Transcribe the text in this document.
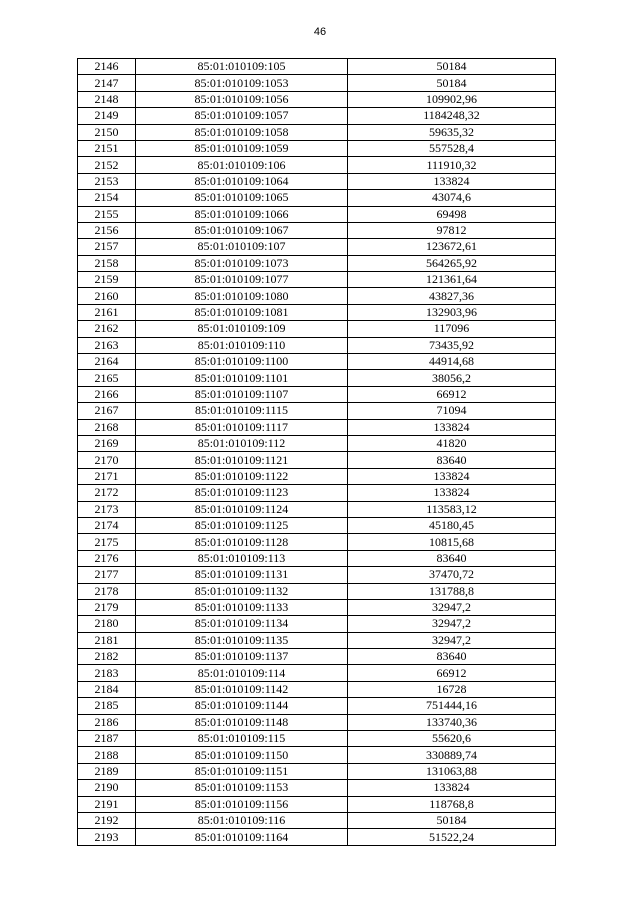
46
2146	85:01:010109:105	50184
2147	85:01:010109:1053	50184
2148	85:01:010109:1056	109902,96
2149	85:01:010109:1057	1184248,32
2150	85:01:010109:1058	59635,32
2151	85:01:010109:1059	557528,4
2152	85:01:010109:106	111910,32
2153	85:01:010109:1064	133824
2154	85:01:010109:1065	43074,6
2155	85:01:010109:1066	69498
2156	85:01:010109:1067	97812
2157	85:01:010109:107	123672,61
2158	85:01:010109:1073	564265,92
2159	85:01:010109:1077	121361,64
2160	85:01:010109:1080	43827,36
2161	85:01:010109:1081	132903,96
2162	85:01:010109:109	117096
2163	85:01:010109:110	73435,92
2164	85:01:010109:1100	44914,68
2165	85:01:010109:1101	38056,2
2166	85:01:010109:1107	66912
2167	85:01:010109:1115	71094
2168	85:01:010109:1117	133824
2169	85:01:010109:112	41820
2170	85:01:010109:1121	83640
2171	85:01:010109:1122	133824
2172	85:01:010109:1123	133824
2173	85:01:010109:1124	113583,12
2174	85:01:010109:1125	45180,45
2175	85:01:010109:1128	10815,68
2176	85:01:010109:113	83640
2177	85:01:010109:1131	37470,72
2178	85:01:010109:1132	131788,8
2179	85:01:010109:1133	32947,2
2180	85:01:010109:1134	32947,2
2181	85:01:010109:1135	32947,2
2182	85:01:010109:1137	83640
2183	85:01:010109:114	66912
2184	85:01:010109:1142	16728
2185	85:01:010109:1144	751444,16
2186	85:01:010109:1148	133740,36
2187	85:01:010109:115	55620,6
2188	85:01:010109:1150	330889,74
2189	85:01:010109:1151	131063,88
2190	85:01:010109:1153	133824
2191	85:01:010109:1156	118768,8
2192	85:01:010109:116	50184
2193	85:01:010109:1164	51522,24
